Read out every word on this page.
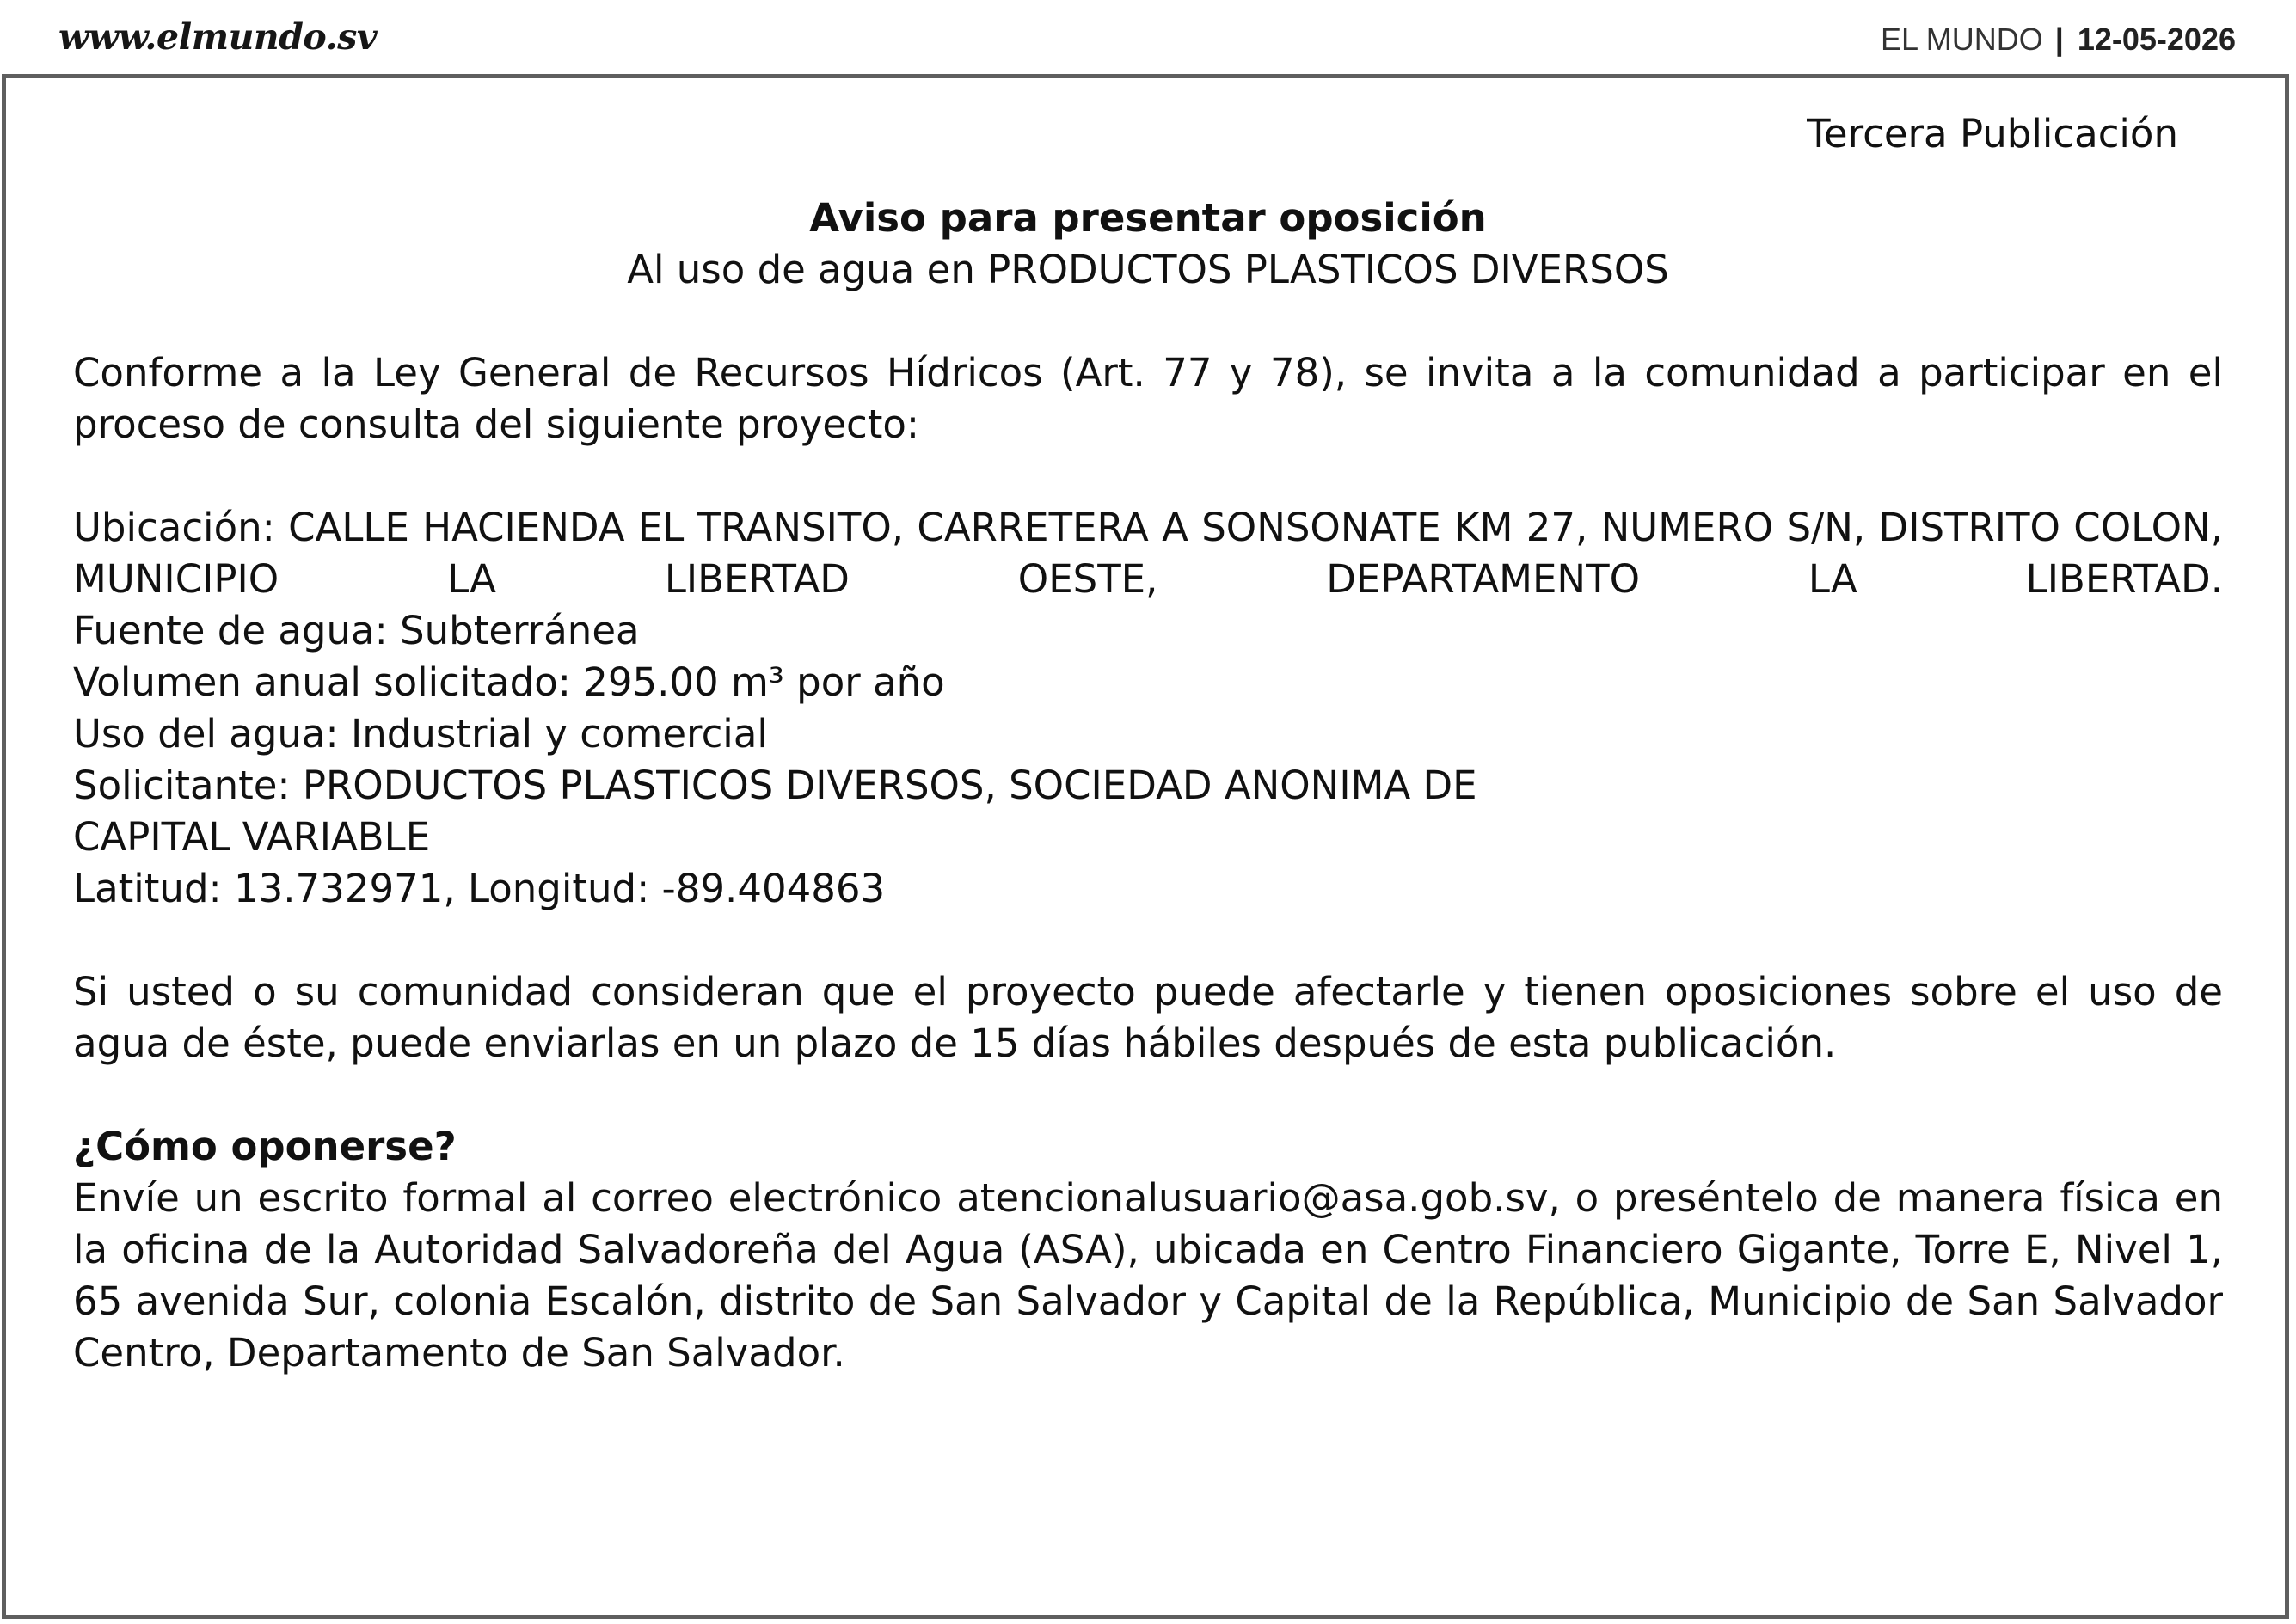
www.elmundo.sv	EL MUNDO | 12-05-2026

Tercera Publicación

Aviso para presentar oposición

Al uso de agua en PRODUCTOS PLASTICOS DIVERSOS

Conforme a la Ley General de Recursos Hídricos (Art. 77 y 78), se invita a la comunidad a participar en el proceso de consulta del siguiente proyecto:

Ubicación: CALLE HACIENDA EL TRANSITO, CARRETERA A SONSONATE KM 27, NUMERO S/N, DISTRITO COLON, MUNICIPIO LA LIBERTAD OESTE, DEPARTAMENTO LA LIBERTAD.

Fuente de agua: Subterránea

Volumen anual solicitado: 295.00 m³ por año

Uso del agua: Industrial y comercial

Solicitante: PRODUCTOS PLASTICOS DIVERSOS, SOCIEDAD ANONIMA DE

CAPITAL VARIABLE

Latitud: 13.732971, Longitud: -89.404863

Si usted o su comunidad consideran que el proyecto puede afectarle y tienen oposiciones sobre el uso de agua de éste, puede enviarlas en un plazo de 15 días hábiles después de esta publicación.

¿Cómo oponerse?

Envíe un escrito formal al correo electrónico atencionalusuario@asa.gob.sv, o preséntelo de manera física en la oficina de la Autoridad Salvadoreña del Agua (ASA), ubicada en Centro Financiero Gigante, Torre E, Nivel 1, 65 avenida Sur, colonia Escalón, distrito de San Salvador y Capital de la República, Municipio de San Salvador Centro, Departamento de San Salvador.
